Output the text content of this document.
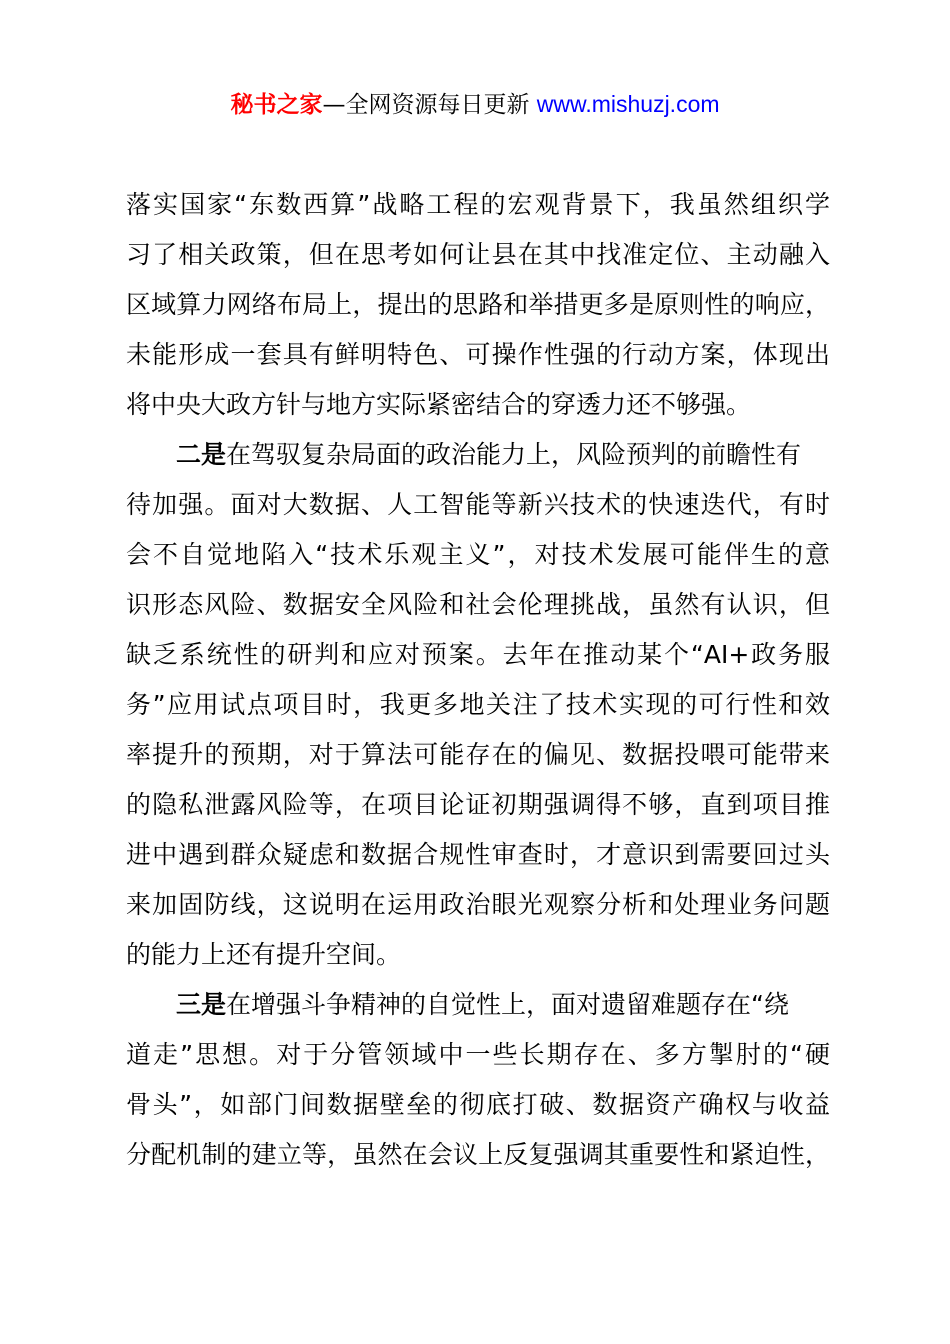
秘书之家—全网资源每日更新 www.mishuzj.com
落实国家“东数西算”战略工程的宏观背景下，我虽然组织学
习了相关政策，但在思考如何让县在其中找准定位、主动融入
区域算力网络布局上，提出的思路和举措更多是原则性的响应，
未能形成一套具有鲜明特色、可操作性强的行动方案，体现出
将中央大政方针与地方实际紧密结合的穿透力还不够强。
二是在驾驭复杂局面的政治能力上，风险预判的前瞻性有
待加强。面对大数据、人工智能等新兴技术的快速迭代，有时
会不自觉地陷入“技术乐观主义”，对技术发展可能伴生的意
识形态风险、数据安全风险和社会伦理挑战，虽然有认识，但
缺乏系统性的研判和应对预案。去年在推动某个“AI+政务服
务”应用试点项目时，我更多地关注了技术实现的可行性和效
率提升的预期，对于算法可能存在的偏见、数据投喂可能带来
的隐私泄露风险等，在项目论证初期强调得不够，直到项目推
进中遇到群众疑虑和数据合规性审查时，才意识到需要回过头
来加固防线，这说明在运用政治眼光观察分析和处理业务问题
的能力上还有提升空间。
三是在增强斗争精神的自觉性上，面对遗留难题存在“绕
道走”思想。对于分管领域中一些长期存在、多方掣肘的“硬
骨头”，如部门间数据壁垒的彻底打破、数据资产确权与收益
分配机制的建立等，虽然在会议上反复强调其重要性和紧迫性，
